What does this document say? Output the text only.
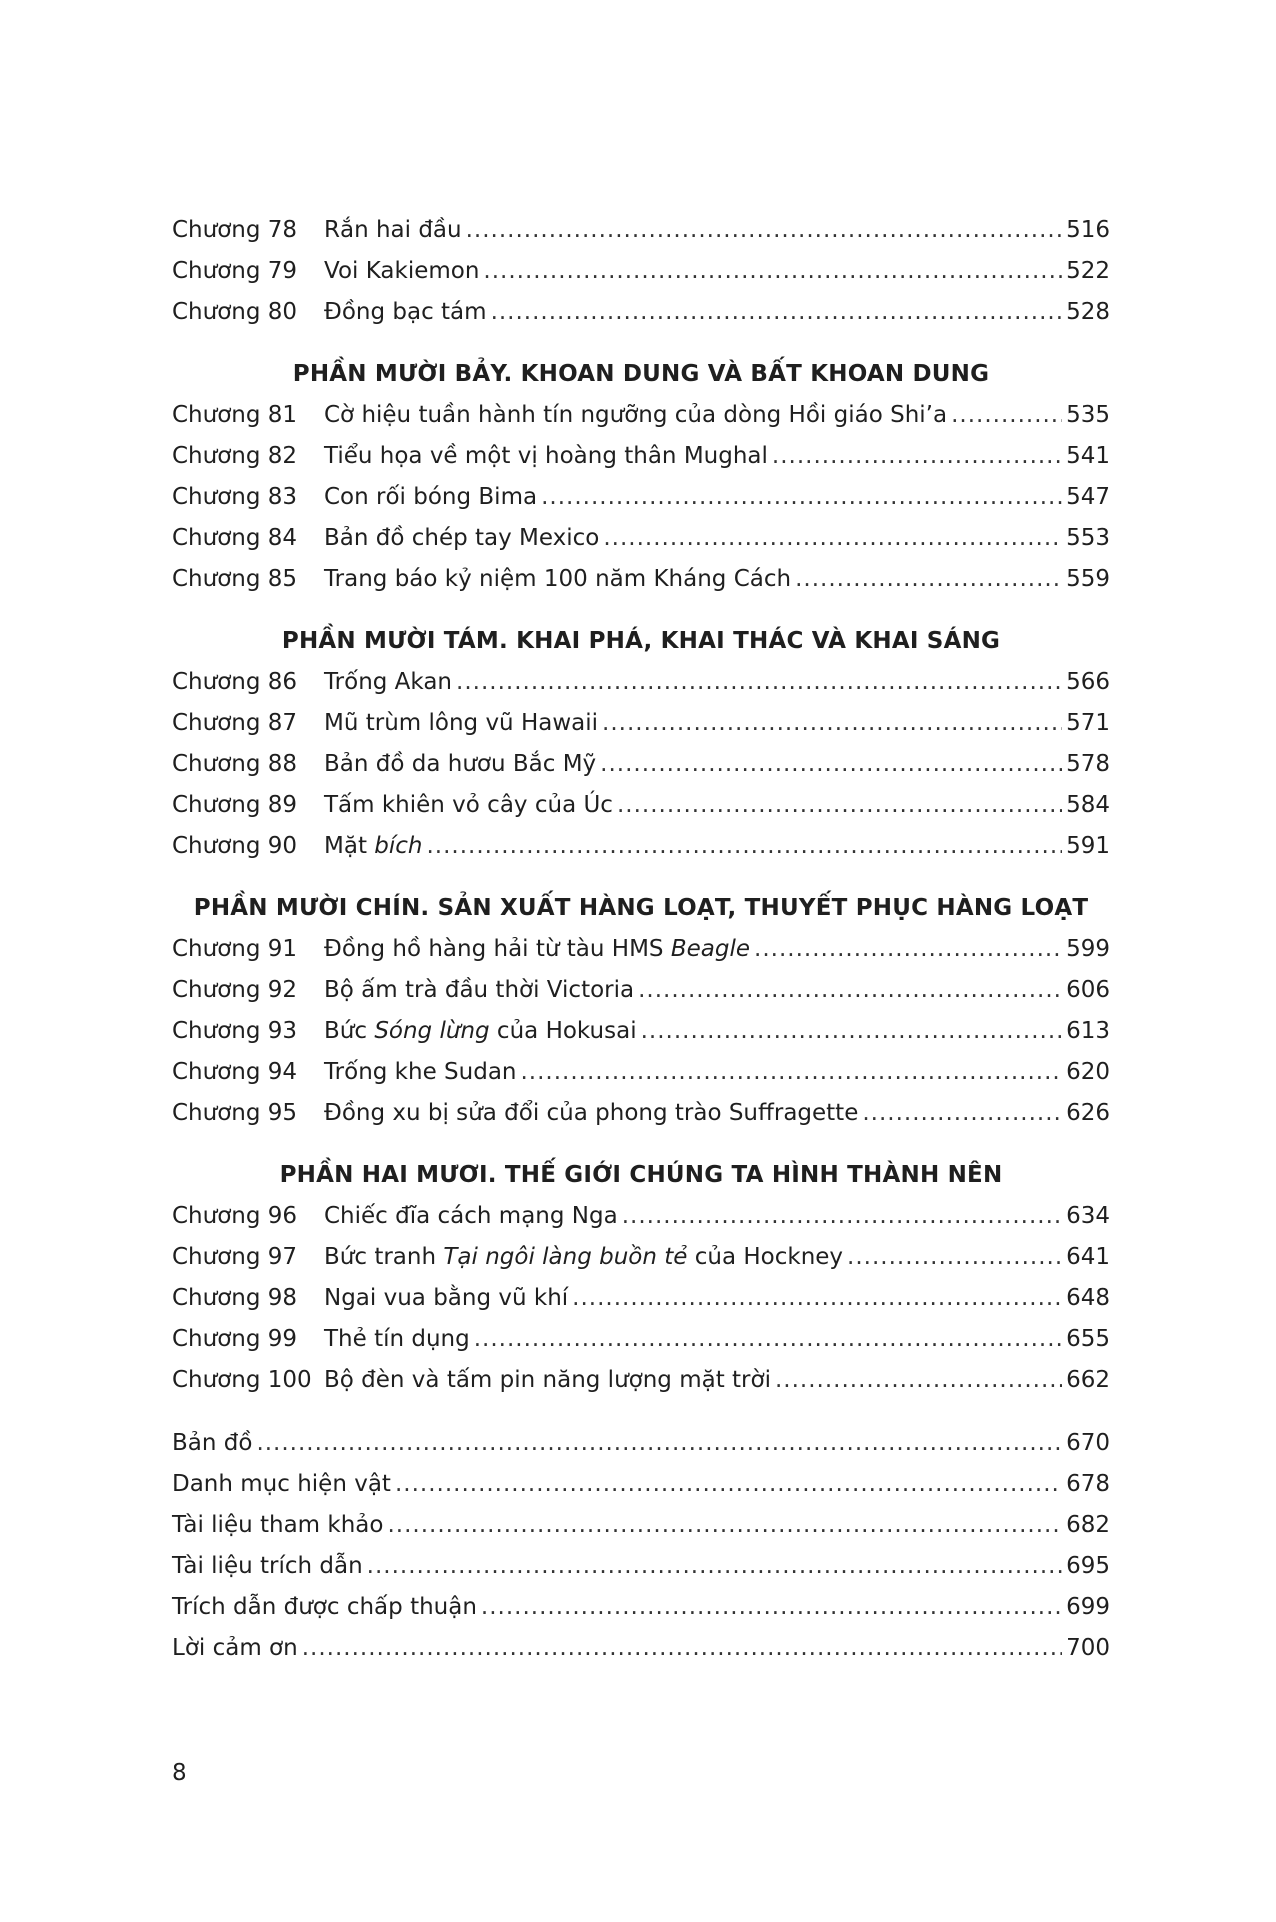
Chương 78	Rắn hai đầu .....	516
Chương 79	Voi Kakiemon .....	522
Chương 80	Đồng bạc tám .....	528
PHẦN MƯỜI BẢY. KHOAN DUNG VÀ BẤT KHOAN DUNG
Chương 81	Cờ hiệu tuần hành tín ngưỡng của dòng Hồi giáo Shi’a .....	535
Chương 82	Tiểu họa về một vị hoàng thân Mughal .....	541
Chương 83	Con rối bóng Bima .....	547
Chương 84	Bản đồ chép tay Mexico .....	553
Chương 85	Trang báo kỷ niệm 100 năm Kháng Cách .....	559
PHẦN MƯỜI TÁM. KHAI PHÁ, KHAI THÁC VÀ KHAI SÁNG
Chương 86	Trống Akan .....	566
Chương 87	Mũ trùm lông vũ Hawaii .....	571
Chương 88	Bản đồ da hươu Bắc Mỹ .....	578
Chương 89	Tấm khiên vỏ cây của Úc .....	584
Chương 90	Mặt bích .....	591
PHẦN MƯỜI CHÍN. SẢN XUẤT HÀNG LOẠT, THUYẾT PHỤC HÀNG LOẠT
Chương 91	Đồng hồ hàng hải từ tàu HMS Beagle .....	599
Chương 92	Bộ ấm trà đầu thời Victoria .....	606
Chương 93	Bức Sóng lừng của Hokusai .....	613
Chương 94	Trống khe Sudan .....	620
Chương 95	Đồng xu bị sửa đổi của phong trào Suffragette .....	626
PHẦN HAI MƯƠI. THẾ GIỚI CHÚNG TA HÌNH THÀNH NÊN
Chương 96	Chiếc đĩa cách mạng Nga .....	634
Chương 97	Bức tranh Tại ngôi làng buồn tẻ của Hockney .....	641
Chương 98	Ngai vua bằng vũ khí .....	648
Chương 99	Thẻ tín dụng .....	655
Chương 100 Bộ đèn và tấm pin năng lượng mặt trời .....	662
Bản đồ .....	670
Danh mục hiện vật .....	678
Tài liệu tham khảo .....	682
Tài liệu trích dẫn .....	695
Trích dẫn được chấp thuận .....	699
Lời cảm ơn .....	700
8
